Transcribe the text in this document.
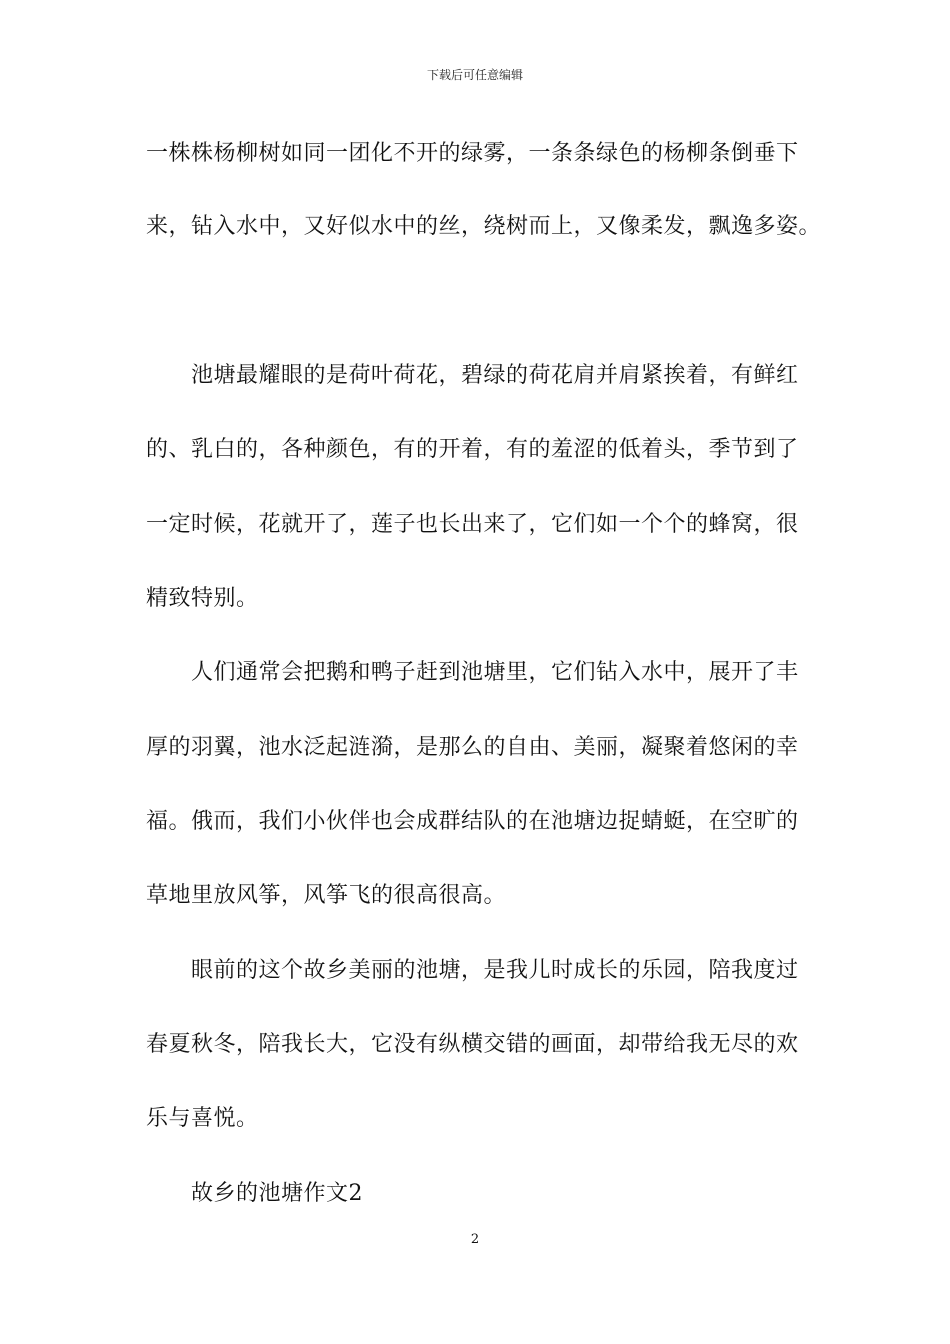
下载后可任意编辑
一株株杨柳树如同一团化不开的绿雾，一条条绿色的杨柳条倒垂下
来，钻入水中，又好似水中的丝，绕树而上，又像柔发，飘逸多姿。
池塘最耀眼的是荷叶荷花，碧绿的荷花肩并肩紧挨着，有鲜红
的、乳白的，各种颜色，有的开着，有的羞涩的低着头，季节到了
一定时候，花就开了，莲子也长出来了，它们如一个个的蜂窝，很
精致特别。
人们通常会把鹅和鸭子赶到池塘里，它们钻入水中，展开了丰
厚的羽翼，池水泛起涟漪，是那么的自由、美丽，凝聚着悠闲的幸
福。俄而，我们小伙伴也会成群结队的在池塘边捉蜻蜓，在空旷的
草地里放风筝，风筝飞的很高很高。
眼前的这个故乡美丽的池塘，是我儿时成长的乐园，陪我度过
春夏秋冬，陪我长大，它没有纵横交错的画面，却带给我无尽的欢
乐与喜悦。
故乡的池塘作文2
2
